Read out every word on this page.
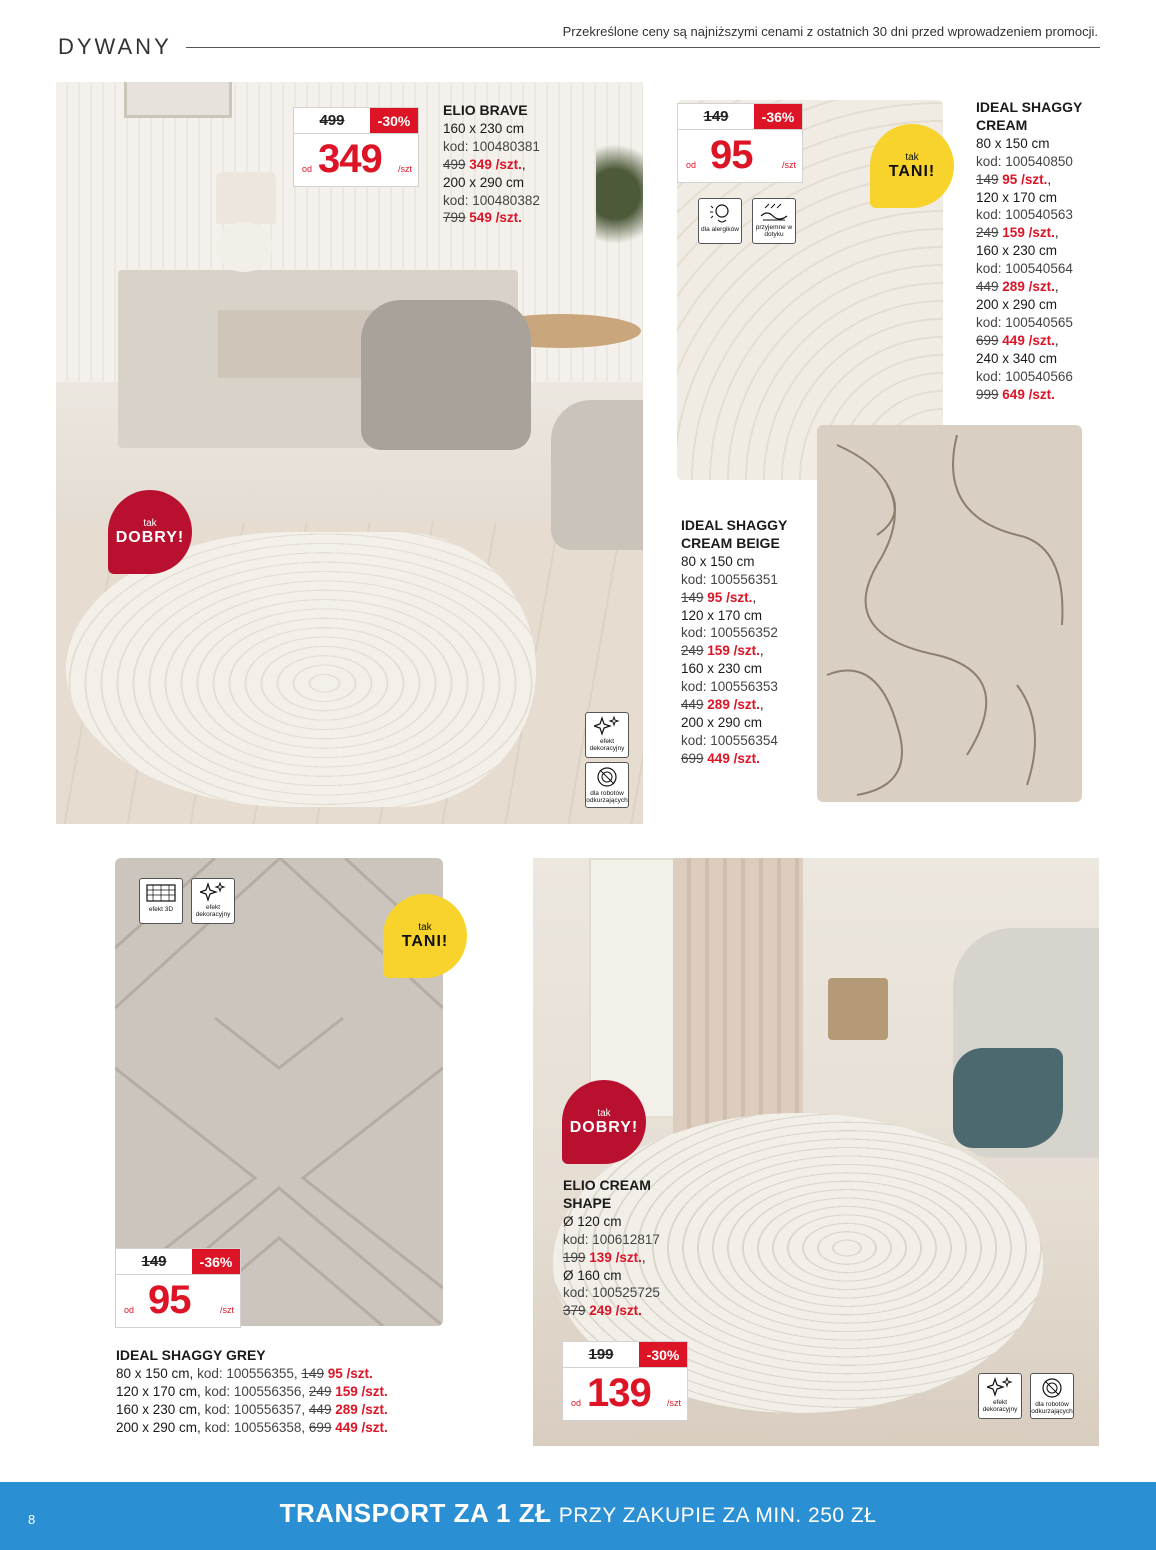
DYWANY
Przekreślone ceny są najniższymi cenami z ostatnich 30 dni przed wprowadzeniem promocji.
499	-30%
od 349 /szt
ELIO BRAVE
160 x 230 cm
kod: 100480381
499 349 /szt.,
200 x 290 cm
kod: 100480382
799 549 /szt.
tak
DOBRY!
efekt dekoracyjny
dla robotów odkurzających
149	-36%
od 95	/szt
dla alergików	przyjemne w dotyku
tak
TANI!
IDEAL SHAGGY
CREAM
80 x 150 cm
kod: 100540850
149 95 /szt.,
120 x 170 cm
kod: 100540563
249 159 /szt.,
160 x 230 cm
kod: 100540564
449 289 /szt.,
200 x 290 cm
kod: 100540565
699 449 /szt.,
240 x 340 cm
kod: 100540566
999 649 /szt.
IDEAL SHAGGY
CREAM BEIGE
80 x 150 cm
kod: 100556351
149 95 /szt.,
120 x 170 cm
kod: 100556352
249 159 /szt.,
160 x 230 cm
kod: 100556353
449 289 /szt.,
200 x 290 cm
kod: 100556354
699 449 /szt.
efekt 3D	efekt dekoracyjny
tak
TANI!
149	-36%
od 95	/szt
IDEAL SHAGGY GREY
80 x 150 cm, kod: 100556355, 149 95 /szt.
120 x 170 cm, kod: 100556356, 249 159 /szt.
160 x 230 cm, kod: 100556357, 449 289 /szt.
200 x 290 cm, kod: 100556358, 699 449 /szt.
tak
DOBRY!
ELIO CREAM
SHAPE
Ø 120 cm
kod: 100612817
199 139 /szt.,
Ø 160 cm
kod: 100525725
379 249 /szt.
199	-30%
od 139 /szt	efekt dekoracyjny
dla robotów odkurzających
8	TRANSPORT ZA 1 ZŁ PRZY ZAKUPIE ZA MIN. 250 ZŁ
